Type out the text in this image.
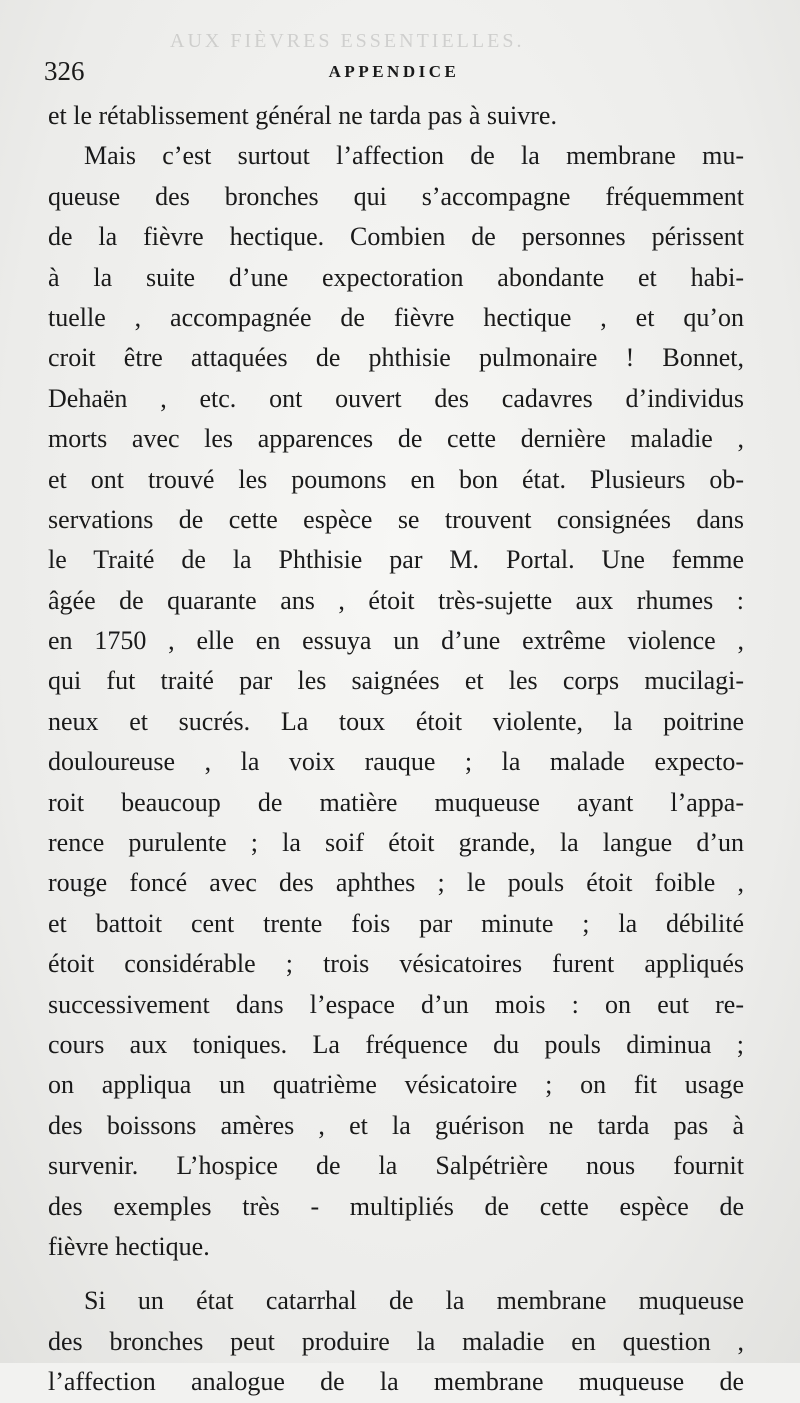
AUX FIÈVRES ESSENTIELLES.
326	APPENDICE
et le rétablissement général ne tarda pas à suivre.
Mais c’est surtout l’affection de la membrane mu-
queuse des bronches qui s’accompagne fréquemment
de la fièvre hectique. Combien de personnes périssent
à la suite d’une expectoration abondante et habi-
tuelle , accompagnée de fièvre hectique , et qu’on
croit être attaquées de phthisie pulmonaire ! Bonnet,
Dehaën , etc. ont ouvert des cadavres d’individus
morts avec les apparences de cette dernière maladie ,
et ont trouvé les poumons en bon état. Plusieurs ob-
servations de cette espèce se trouvent consignées dans
le Traité de la Phthisie par M. Portal. Une femme
âgée de quarante ans , étoit très-sujette aux rhumes :
en 1750 , elle en essuya un d’une extrême violence ,
qui fut traité par les saignées et les corps mucilagi-
neux et sucrés. La toux étoit violente, la poitrine
douloureuse , la voix rauque ; la malade expecto-
roit beaucoup de matière muqueuse ayant l’appa-
rence purulente ; la soif étoit grande, la langue d’un
rouge foncé avec des aphthes ; le pouls étoit foible ,
et battoit cent trente fois par minute ; la débilité
étoit considérable ; trois vésicatoires furent appliqués
successivement dans l’espace d’un mois : on eut re-
cours aux toniques. La fréquence du pouls diminua ;
on appliqua un quatrième vésicatoire ; on fit usage
des boissons amères , et la guérison ne tarda pas à
survenir. L’hospice de la Salpétrière nous fournit
des exemples très - multipliés de cette espèce de
fièvre hectique.
Si un état catarrhal de la membrane muqueuse
des bronches peut produire la maladie en question ,
l’affection analogue de la membrane muqueuse de
